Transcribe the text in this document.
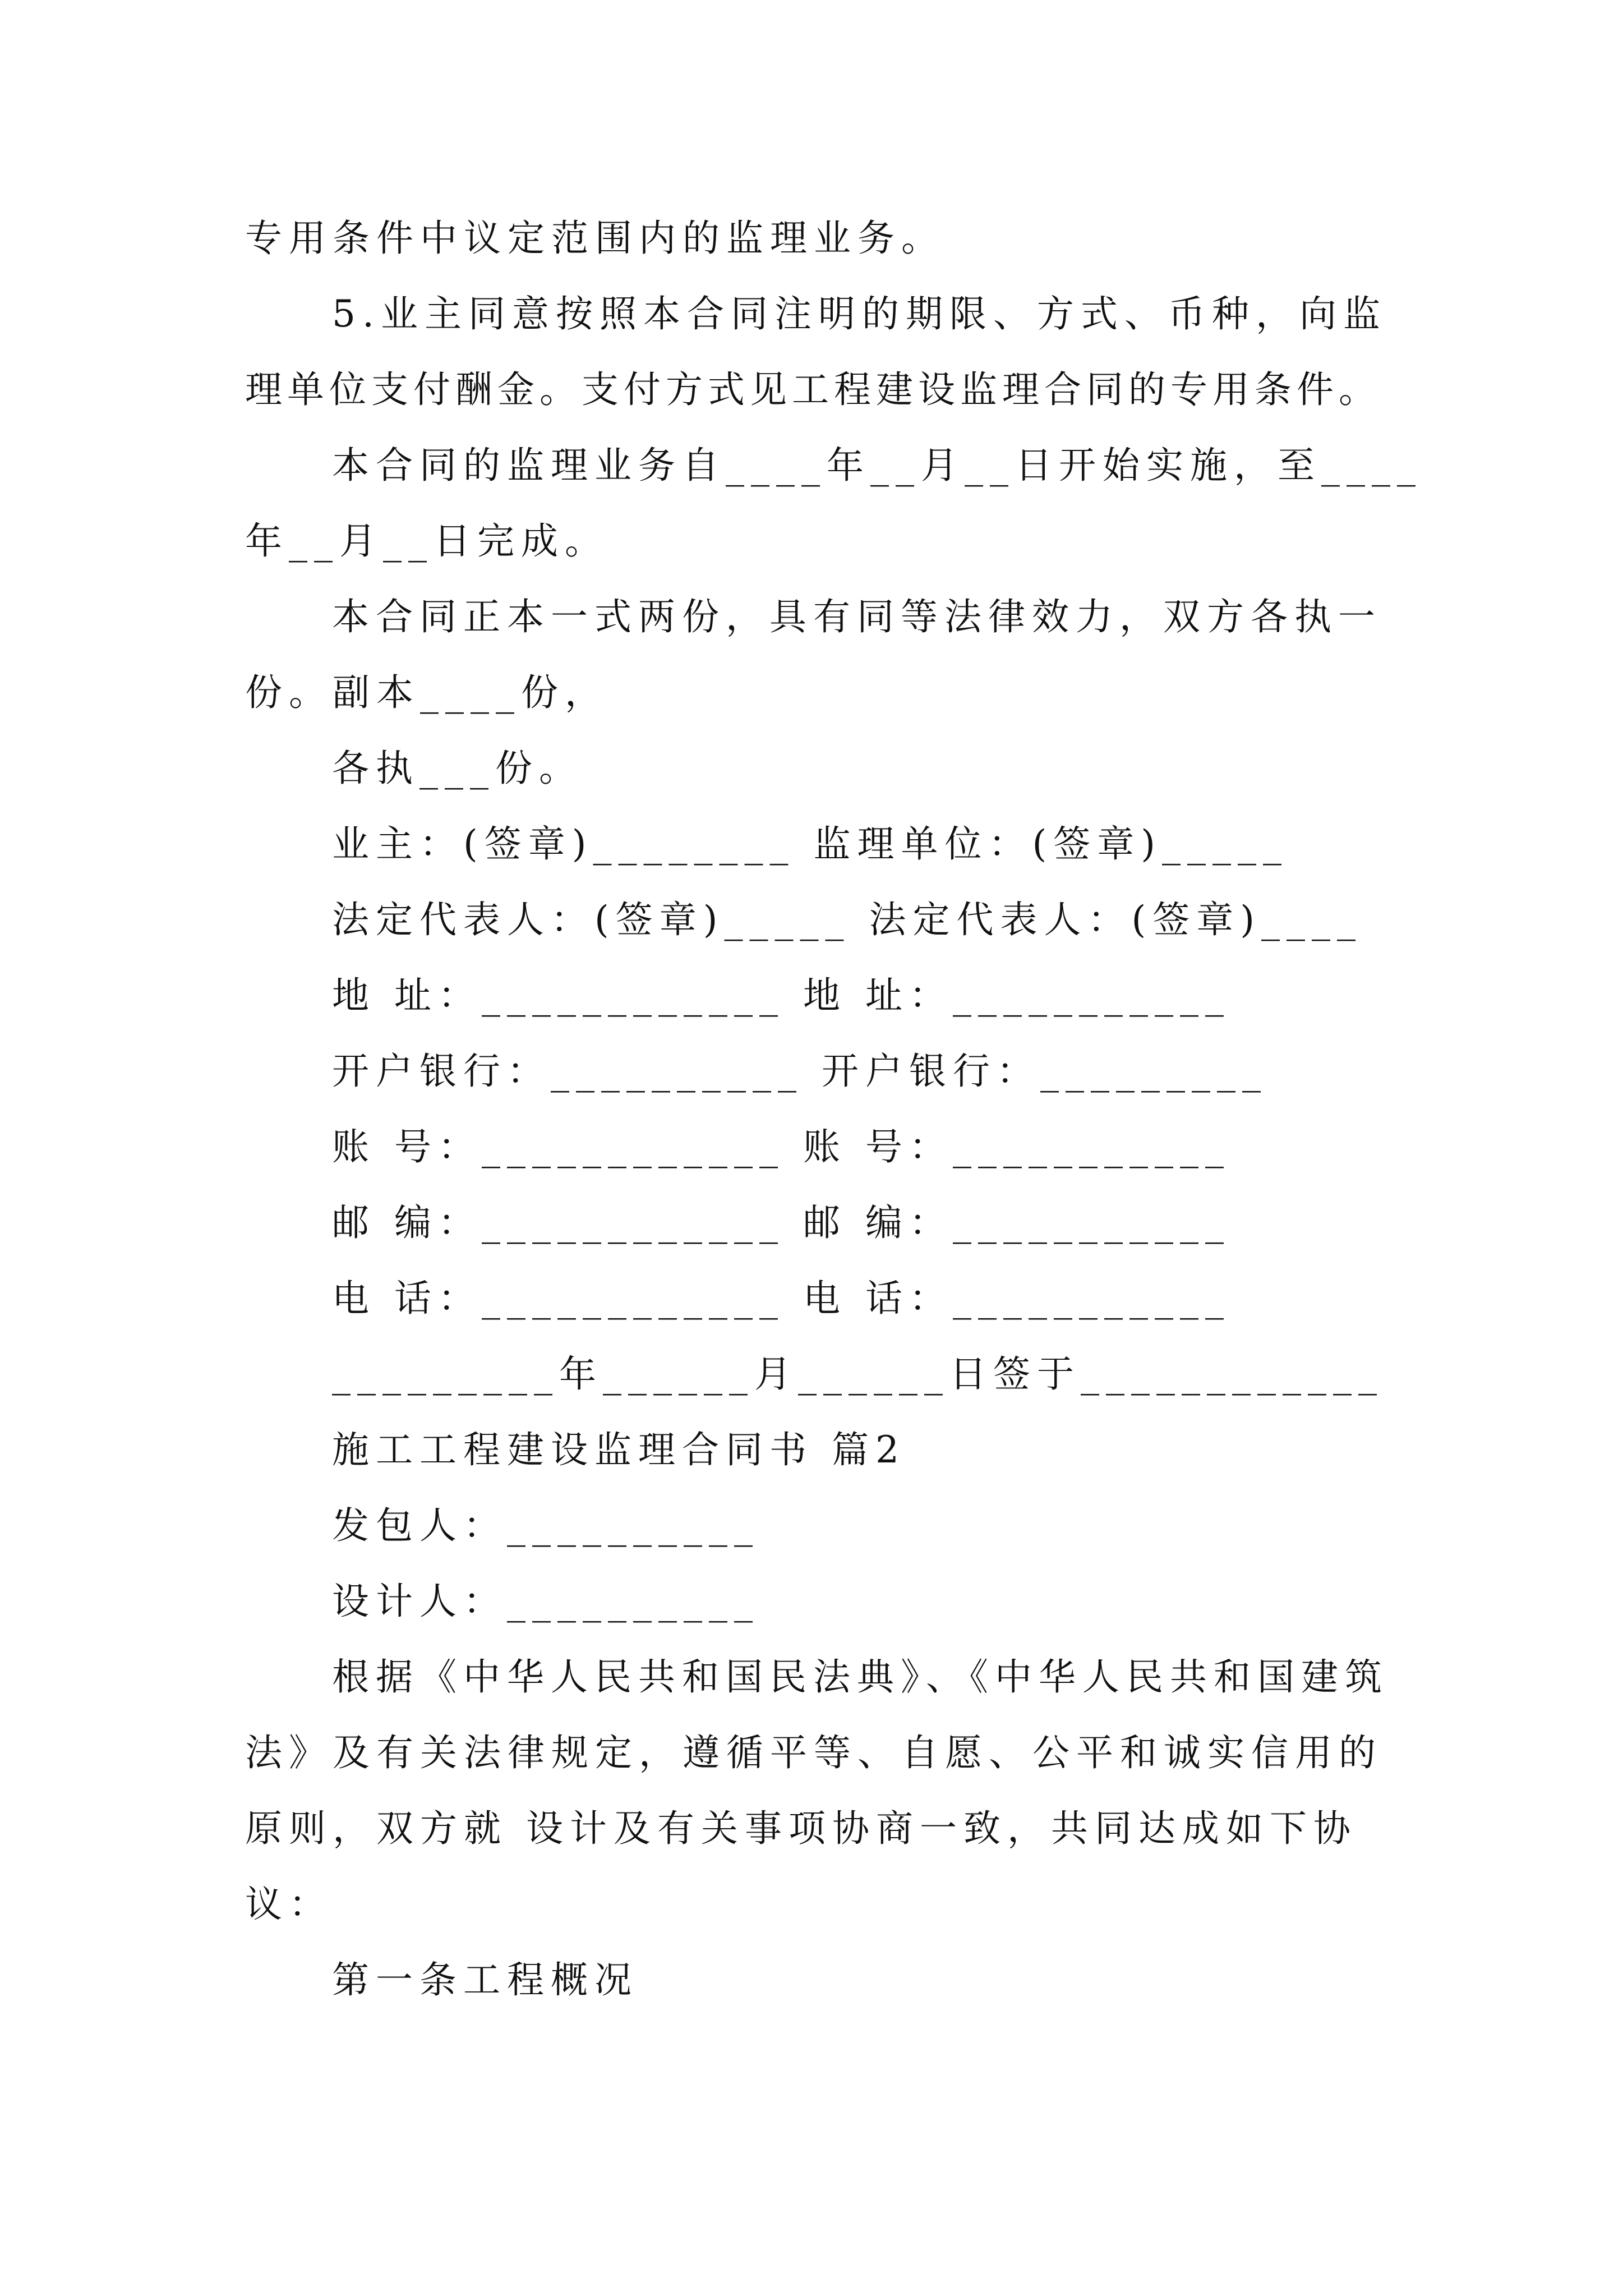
专用条件中议定范围内的监理业务。
5.业主同意按照本合同注明的期限、方式、币种，向监
理单位支付酬金。支付方式见工程建设监理合同的专用条件。
本合同的监理业务自____年__月__日开始实施，至____
年__月__日完成。
本合同正本一式两份，具有同等法律效力，双方各执一
份。副本____份，
各执___份。
业主：(签章)________ 监理单位：(签章)_____
法定代表人：(签章)_____ 法定代表人：(签章)____
地 址：____________ 地 址：___________
开户银行：__________ 开户银行：_________
账 号：____________ 账 号：___________
邮 编：____________ 邮 编：___________
电 话：____________ 电 话：___________
_________年______月______日签于____________
施工工程建设监理合同书 篇2
发包人：__________
设计人：__________
根据《中华人民共和国民法典》、《中华人民共和国建筑
法》及有关法律规定，遵循平等、自愿、公平和诚实信用的
原则，双方就 设计及有关事项协商一致，共同达成如下协
议：
第一条工程概况
